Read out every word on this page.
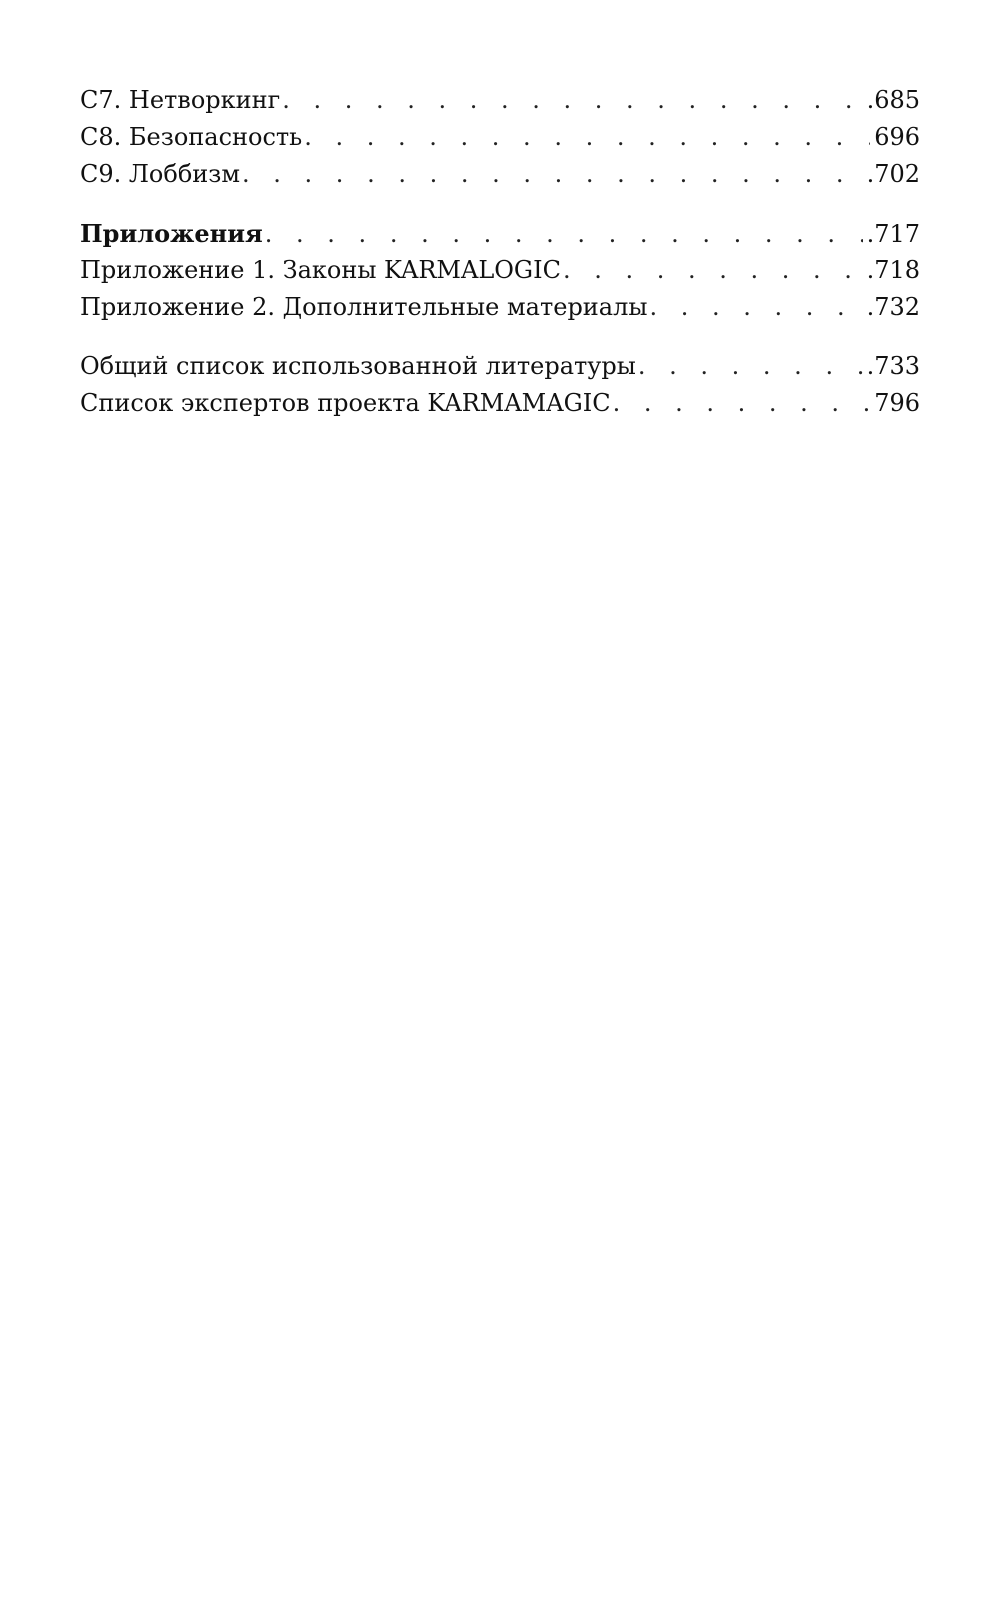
С7. Нетворкинг . . .	.685
С8. Безопасность . . .	696
С9. Лоббизм . . .	.702
Приложения . . .	.717
Приложение 1. Законы KARMALOGIC . . .	.718
Приложение 2. Дополнительные материалы . . .	.732
Общий список использованной литературы . . .	.733
Список экспертов проекта KARMAMAGIC . . .	796
